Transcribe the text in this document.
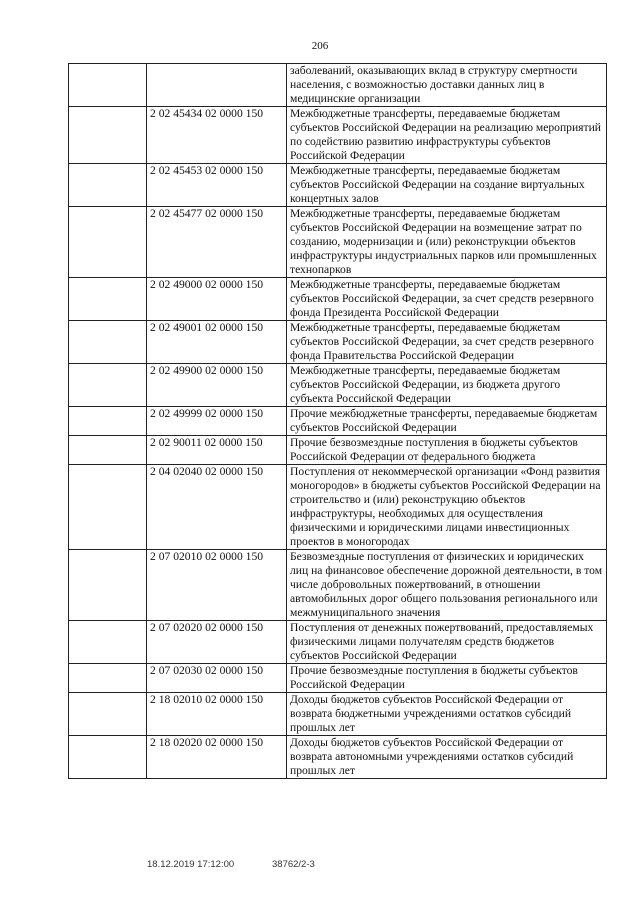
206
		заболеваний, оказывающих вклад в структуру смертности населения, с возможностью доставки данных лиц в медицинские организации
	2 02 45434 02 0000 150	Межбюджетные трансферты, передаваемые бюджетам субъектов Российской Федерации на реализацию мероприятий по содействию развитию инфраструктуры субъектов Российской Федерации
	2 02 45453 02 0000 150	Межбюджетные трансферты, передаваемые бюджетам субъектов Российской Федерации на создание виртуальных концертных залов
	2 02 45477 02 0000 150	Межбюджетные трансферты, передаваемые бюджетам субъектов Российской Федерации на возмещение затрат по созданию, модернизации и (или) реконструкции объектов инфраструктуры индустриальных парков или промышленных технопарков
	2 02 49000 02 0000 150	Межбюджетные трансферты, передаваемые бюджетам субъектов Российской Федерации, за счет средств резервного фонда Президента Российской Федерации
	2 02 49001 02 0000 150	Межбюджетные трансферты, передаваемые бюджетам субъектов Российской Федерации, за счет средств резервного фонда Правительства Российской Федерации
	2 02 49900 02 0000 150	Межбюджетные трансферты, передаваемые бюджетам субъектов Российской Федерации, из бюджета другого субъекта Российской Федерации
	2 02 49999 02 0000 150	Прочие межбюджетные трансферты, передаваемые бюджетам субъектов Российской Федерации
	2 02 90011 02 0000 150	Прочие безвозмездные поступления в бюджеты субъектов Российской Федерации от федерального бюджета
	2 04 02040 02 0000 150	Поступления от некоммерческой организации «Фонд развития моногородов» в бюджеты субъектов Российской Федерации на строительство и (или) реконструкцию объектов инфраструктуры, необходимых для осуществления физическими и юридическими лицами инвестиционных проектов в моногородах
	2 07 02010 02 0000 150	Безвозмездные поступления от физических и юридических лиц на финансовое обеспечение дорожной деятельности, в том числе добровольных пожертвований, в отношении автомобильных дорог общего пользования регионального или межмуниципального значения
	2 07 02020 02 0000 150	Поступления от денежных пожертвований, предоставляемых физическими лицами получателям средств бюджетов субъектов Российской Федерации
	2 07 02030 02 0000 150	Прочие безвозмездные поступления в бюджеты субъектов Российской Федерации
	2 18 02010 02 0000 150	Доходы бюджетов субъектов Российской Федерации от возврата бюджетными учреждениями остатков субсидий прошлых лет
	2 18 02020 02 0000 150	Доходы бюджетов субъектов Российской Федерации от возврата автономными учреждениями остатков субсидий прошлых лет
18.12.2019 17:12:00	38762/2-3
